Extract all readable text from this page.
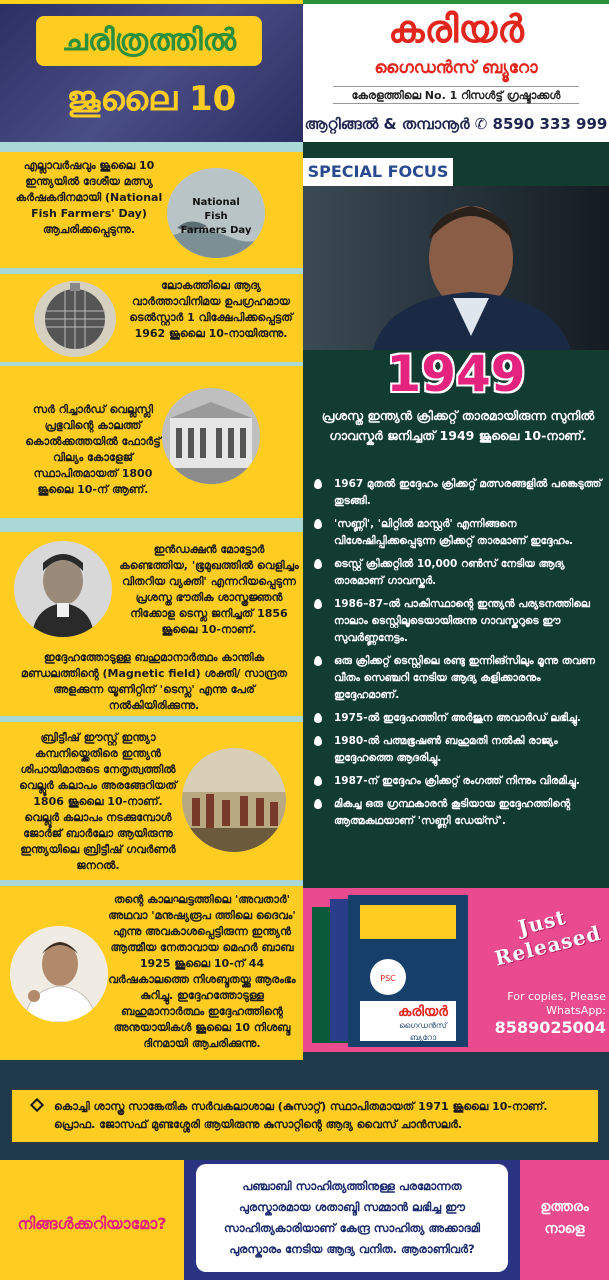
ചരിത്രത്തിൽ
ജൂലൈ 10
കരിയർ
ഗൈഡൻസ് ബ്യൂറോ
കേരളത്തിലെ No. 1 റിസൾട്ട് ഗ്രഷ്ടാക്കൾ
ആറ്റിങ്ങൽ & തമ്പാനൂർ ✆ 8590 333 999
എല്ലാവർഷവും ജൂലൈ 10 ഇന്ത്യയിൽ ദേശീയ മത്സ്യ കർഷകദിനമായി (National Fish Farmers' Day) ആചരിക്കപ്പെടുന്നു.
National Fish Farmers Day
ലോകത്തിലെ ആദ്യ വാർത്താവിനിമയ ഉപഗ്രഹമായ ടെൽസ്റ്റാർ 1 വിക്ഷേപിക്കപ്പെട്ടത് 1962 ജൂലൈ 10-നായിരുന്നു.
സർ റിച്ചാർഡ് വെല്ലസ്ലി പ്രഭുവിന്റെ കാലത്ത് കൊൽക്കത്തയിൽ ഫോർട്ട് വില്യം കോളേജ് സ്ഥാപിതമായത് 1800 ജൂലൈ 10-ന് ആണ്.
ഇൻഡക്ഷൻ മോട്ടോർ കണ്ടെത്തിയ, 'ഭൂമുഖത്തിൽ വെളിച്ചം വിതറിയ വ്യക്തി' എന്നറിയപ്പെടുന്ന പ്രശസ്ത ഭൗതിക ശാസ്ത്രജ്ഞൻ നിക്കോള ടെസ്ല ജനിച്ചത് 1856 ജൂലൈ 10-നാണ്.
ഇദ്ദേഹത്തോടുള്ള ബഹുമാനാർത്ഥം കാന്തിക മണ്ഡലത്തിന്റെ (Magnetic field) ശക്തി/ സാന്ദ്രത അളക്കുന്ന യൂണിറ്റിന് 'ടെസ്ല' എന്നു പേര് നൽകിയിരിക്കുന്നു.
ബ്രിട്ടീഷ് ഈസ്റ്റ് ഇന്ത്യാ കമ്പനിയ്ക്കെതിരെ ഇന്ത്യൻ ശിപായിമാരുടെ നേതൃത്വത്തിൽ വെല്ലൂർ കലാപം അരങ്ങേറിയത് 1806 ജൂലൈ 10-നാണ്. വെല്ലൂർ കലാപം നടക്കുമ്പോൾ ജോർജ് ബാർലോ ആയിരുന്നു ഇന്ത്യയിലെ ബ്രിട്ടീഷ് ഗവർണർ ജനറൽ.
തന്റെ കാലഘട്ടത്തിലെ 'അവതാർ' അഥവാ 'മനുഷ്യരൂപ ത്തിലെ ദൈവം' എന്നു അവകാശപ്പെട്ടിരുന്ന ഇന്ത്യൻ ആത്മീയ നേതാവായ മെഹർ ബാബ 1925 ജൂലൈ 10-ന് 44 വർഷകാലത്തെ നിശബ്ദതയ്ക്കു ആരംഭം കുറിച്ചു. ഇദ്ദേഹത്തോടുള്ള ബഹുമാനാർത്ഥം ഇദ്ദേഹത്തിന്റെ അനുയായികൾ ജൂലൈ 10 നിശബ്ദ ദിനമായി ആചരിക്കുന്നു.
SPECIAL FOCUS
1949
പ്രശസ്ത ഇന്ത്യൻ ക്രിക്കറ്റ് താരമായിരുന്ന സുനിൽ ഗാവസ്കർ ജനിച്ചത് 1949 ജൂലൈ 10-നാണ്.
1967 മുതൽ ഇദ്ദേഹം ക്രിക്കറ്റ് മത്സരങ്ങളിൽ പങ്കെടുത്ത് തുടങ്ങി.
'സണ്ണി', 'ലിറ്റിൽ മാസ്റ്റർ' എന്നിങ്ങനെ വിശേഷിപ്പിക്കപ്പെടുന്ന ക്രിക്കറ്റ് താരമാണ് ഇദ്ദേഹം.
ടെസ്റ്റ് ക്രിക്കറ്റിൽ 10,000 റൺസ് നേടിയ ആദ്യ താരമാണ് ഗാവസ്കർ.
1986–87–ൽ പാകിസ്ഥാന്റെ ഇന്ത്യൻ പര്യടനത്തിലെ നാലാം ടെസ്റ്റിലൂടെയായിരുന്നു ഗാവസ്കറുടെ ഈ സുവർണ്ണനേട്ടം.
ഒരു ക്രിക്കറ്റ് ടെസ്റ്റിലെ രണ്ടു ഇന്നിങ്സിലും മൂന്നു തവണ വീതം സെഞ്ചറി നേടിയ ആദ്യ കളിക്കാരനും ഇദ്ദേഹമാണ്.
1975-ൽ ഇദ്ദേഹത്തിന് അർജുന അവാർഡ് ലഭിച്ചു.
1980-ൽ പത്മഭൂഷൺ ബഹുമതി നൽകി രാജ്യം ഇദ്ദേഹത്തെ ആദരിച്ചു.
1987-ന് ഇദ്ദേഹം ക്രിക്കറ്റ് രംഗത്ത് നിന്നും വിരമിച്ചു.
മികച്ച ഒരു ഗ്രന്ഥകാരൻ കൂടിയായ ഇദ്ദേഹത്തിന്റെ ആത്മകഥയാണ് 'സണ്ണി ഡേയ്സ്'.
PSC
കരിയർ
ഗൈഡൻസ് ബ്യൂറോ
Just Released
For copies, Please WhatsApp:
8589025004
കൊച്ചി ശാസ്ത്ര സാങ്കേതിക സർവകലാശാല (കുസാറ്റ്) സ്ഥാപിതമായത് 1971 ജൂലൈ 10-നാണ്. പ്രൊഫ. ജോസഫ് മുണ്ടശ്ശേരി ആയിരുന്നു കുസാറ്റിന്റെ ആദ്യ വൈസ് ചാൻസലർ.
നിങ്ങൾക്കറിയാമോ?
പഞ്ചാബി സാഹിത്യത്തിനുള്ള പരമോന്നത പുരസ്കാരമായ ശതാബ്ദി സമ്മാൻ ലഭിച്ച ഈ സാഹിത്യകാരിയാണ് കേന്ദ്ര സാഹിത്യ അക്കാദമി പുരസ്കാരം നേടിയ ആദ്യ വനിത. ആരാണിവർ?
ഉത്തരം നാളെ
